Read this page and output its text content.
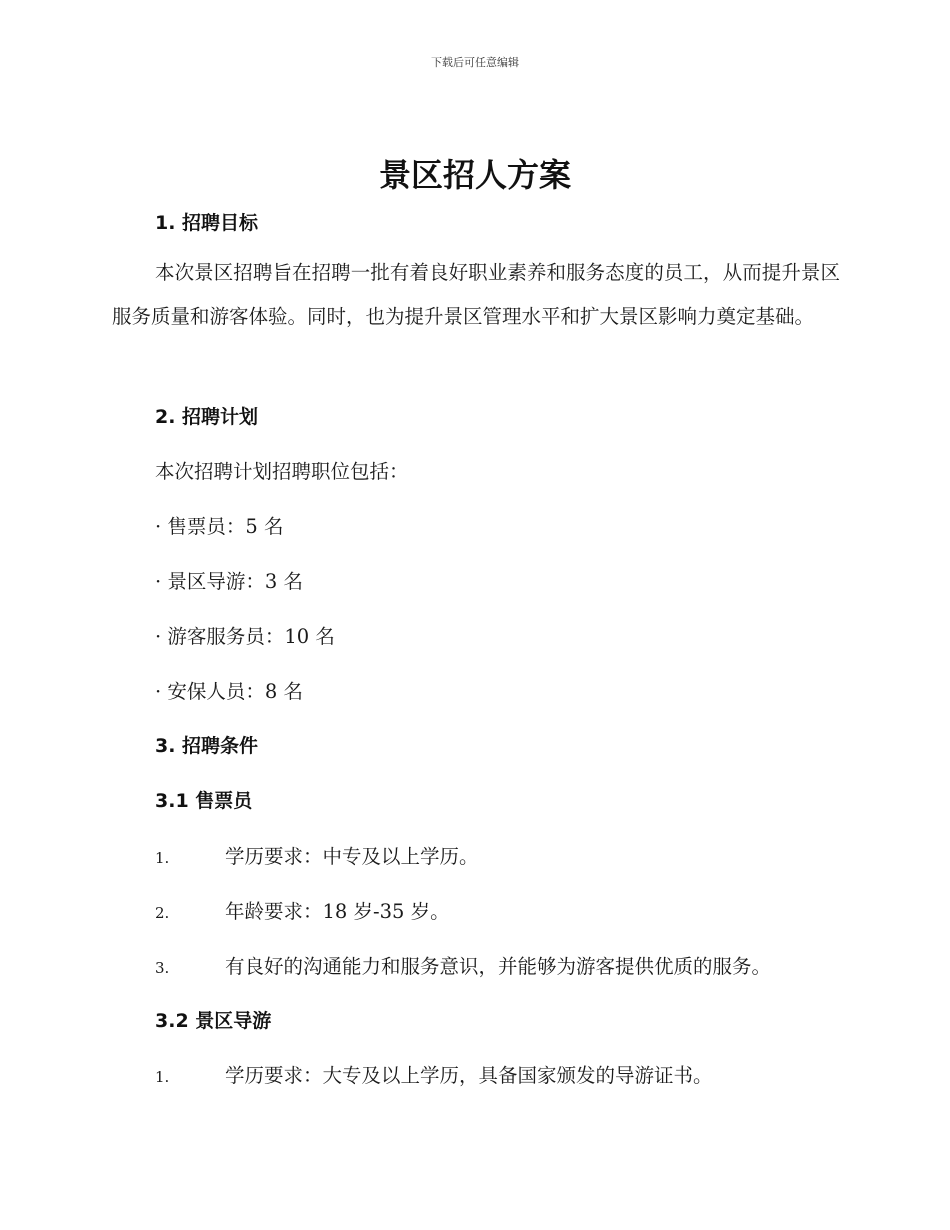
下载后可任意编辑
景区招人方案
1. 招聘目标

本次景区招聘旨在招聘一批有着良好职业素养和服务态度的员工，从而提升景区服务质量和游客体验。同时，也为提升景区管理水平和扩大景区影响力奠定基础。

2. 招聘计划

本次招聘计划招聘职位包括：

· 售票员：5 名

· 景区导游：3 名

· 游客服务员：10 名

· 安保人员：8 名

3. 招聘条件
3.1 售票员
1.	学历要求：中专及以上学历。
2.	年龄要求：18 岁-35 岁。
3.	有良好的沟通能力和服务意识，并能够为游客提供优质的服务。
3.2 景区导游
1.	学历要求：大专及以上学历，具备国家颁发的导游证书。
